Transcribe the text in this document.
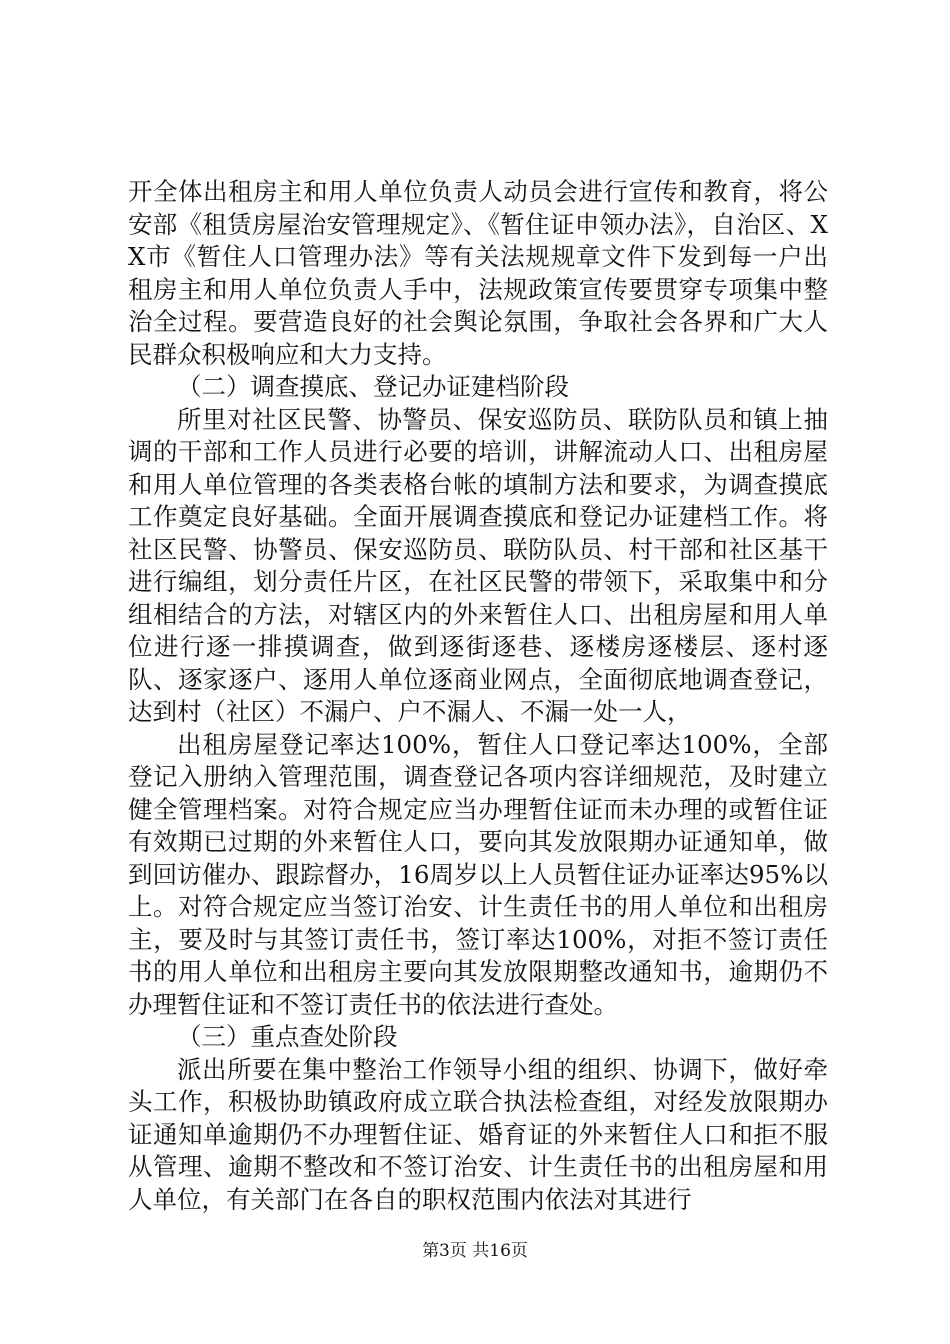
开全体出租房主和用人单位负责人动员会进行宣传和教育，将公安部《租赁房屋治安管理规定》、《暂住证申领办法》，自治区、XX市《暂住人口管理办法》等有关法规规章文件下发到每一户出租房主和用人单位负责人手中，法规政策宣传要贯穿专项集中整治全过程。要营造良好的社会舆论氛围，争取社会各界和广大人民群众积极响应和大力支持。

（二）调查摸底、登记办证建档阶段

所里对社区民警、协警员、保安巡防员、联防队员和镇上抽调的干部和工作人员进行必要的培训，讲解流动人口、出租房屋和用人单位管理的各类表格台帐的填制方法和要求，为调查摸底工作奠定良好基础。全面开展调查摸底和登记办证建档工作。将社区民警、协警员、保安巡防员、联防队员、村干部和社区基干进行编组，划分责任片区，在社区民警的带领下，采取集中和分组相结合的方法，对辖区内的外来暂住人口、出租房屋和用人单位进行逐一排摸调查，做到逐街逐巷、逐楼房逐楼层、逐村逐队、逐家逐户、逐用人单位逐商业网点，全面彻底地调查登记，达到村（社区）不漏户、户不漏人、不漏一处一人，

出租房屋登记率达100%，暂住人口登记率达100%，全部登记入册纳入管理范围，调查登记各项内容详细规范，及时建立健全管理档案。对符合规定应当办理暂住证而未办理的或暂住证有效期已过期的外来暂住人口，要向其发放限期办证通知单，做到回访催办、跟踪督办，16周岁以上人员暂住证办证率达95%以上。对符合规定应当签订治安、计生责任书的用人单位和出租房主，要及时与其签订责任书，签订率达100%，对拒不签订责任书的用人单位和出租房主要向其发放限期整改通知书，逾期仍不办理暂住证和不签订责任书的依法进行查处。

（三）重点查处阶段

派出所要在集中整治工作领导小组的组织、协调下，做好牵头工作，积极协助镇政府成立联合执法检查组，对经发放限期办证通知单逾期仍不办理暂住证、婚育证的外来暂住人口和拒不服从管理、逾期不整改和不签订治安、计生责任书的出租房屋和用人单位，有关部门在各自的职权范围内依法对其进行

第3页 共16页
